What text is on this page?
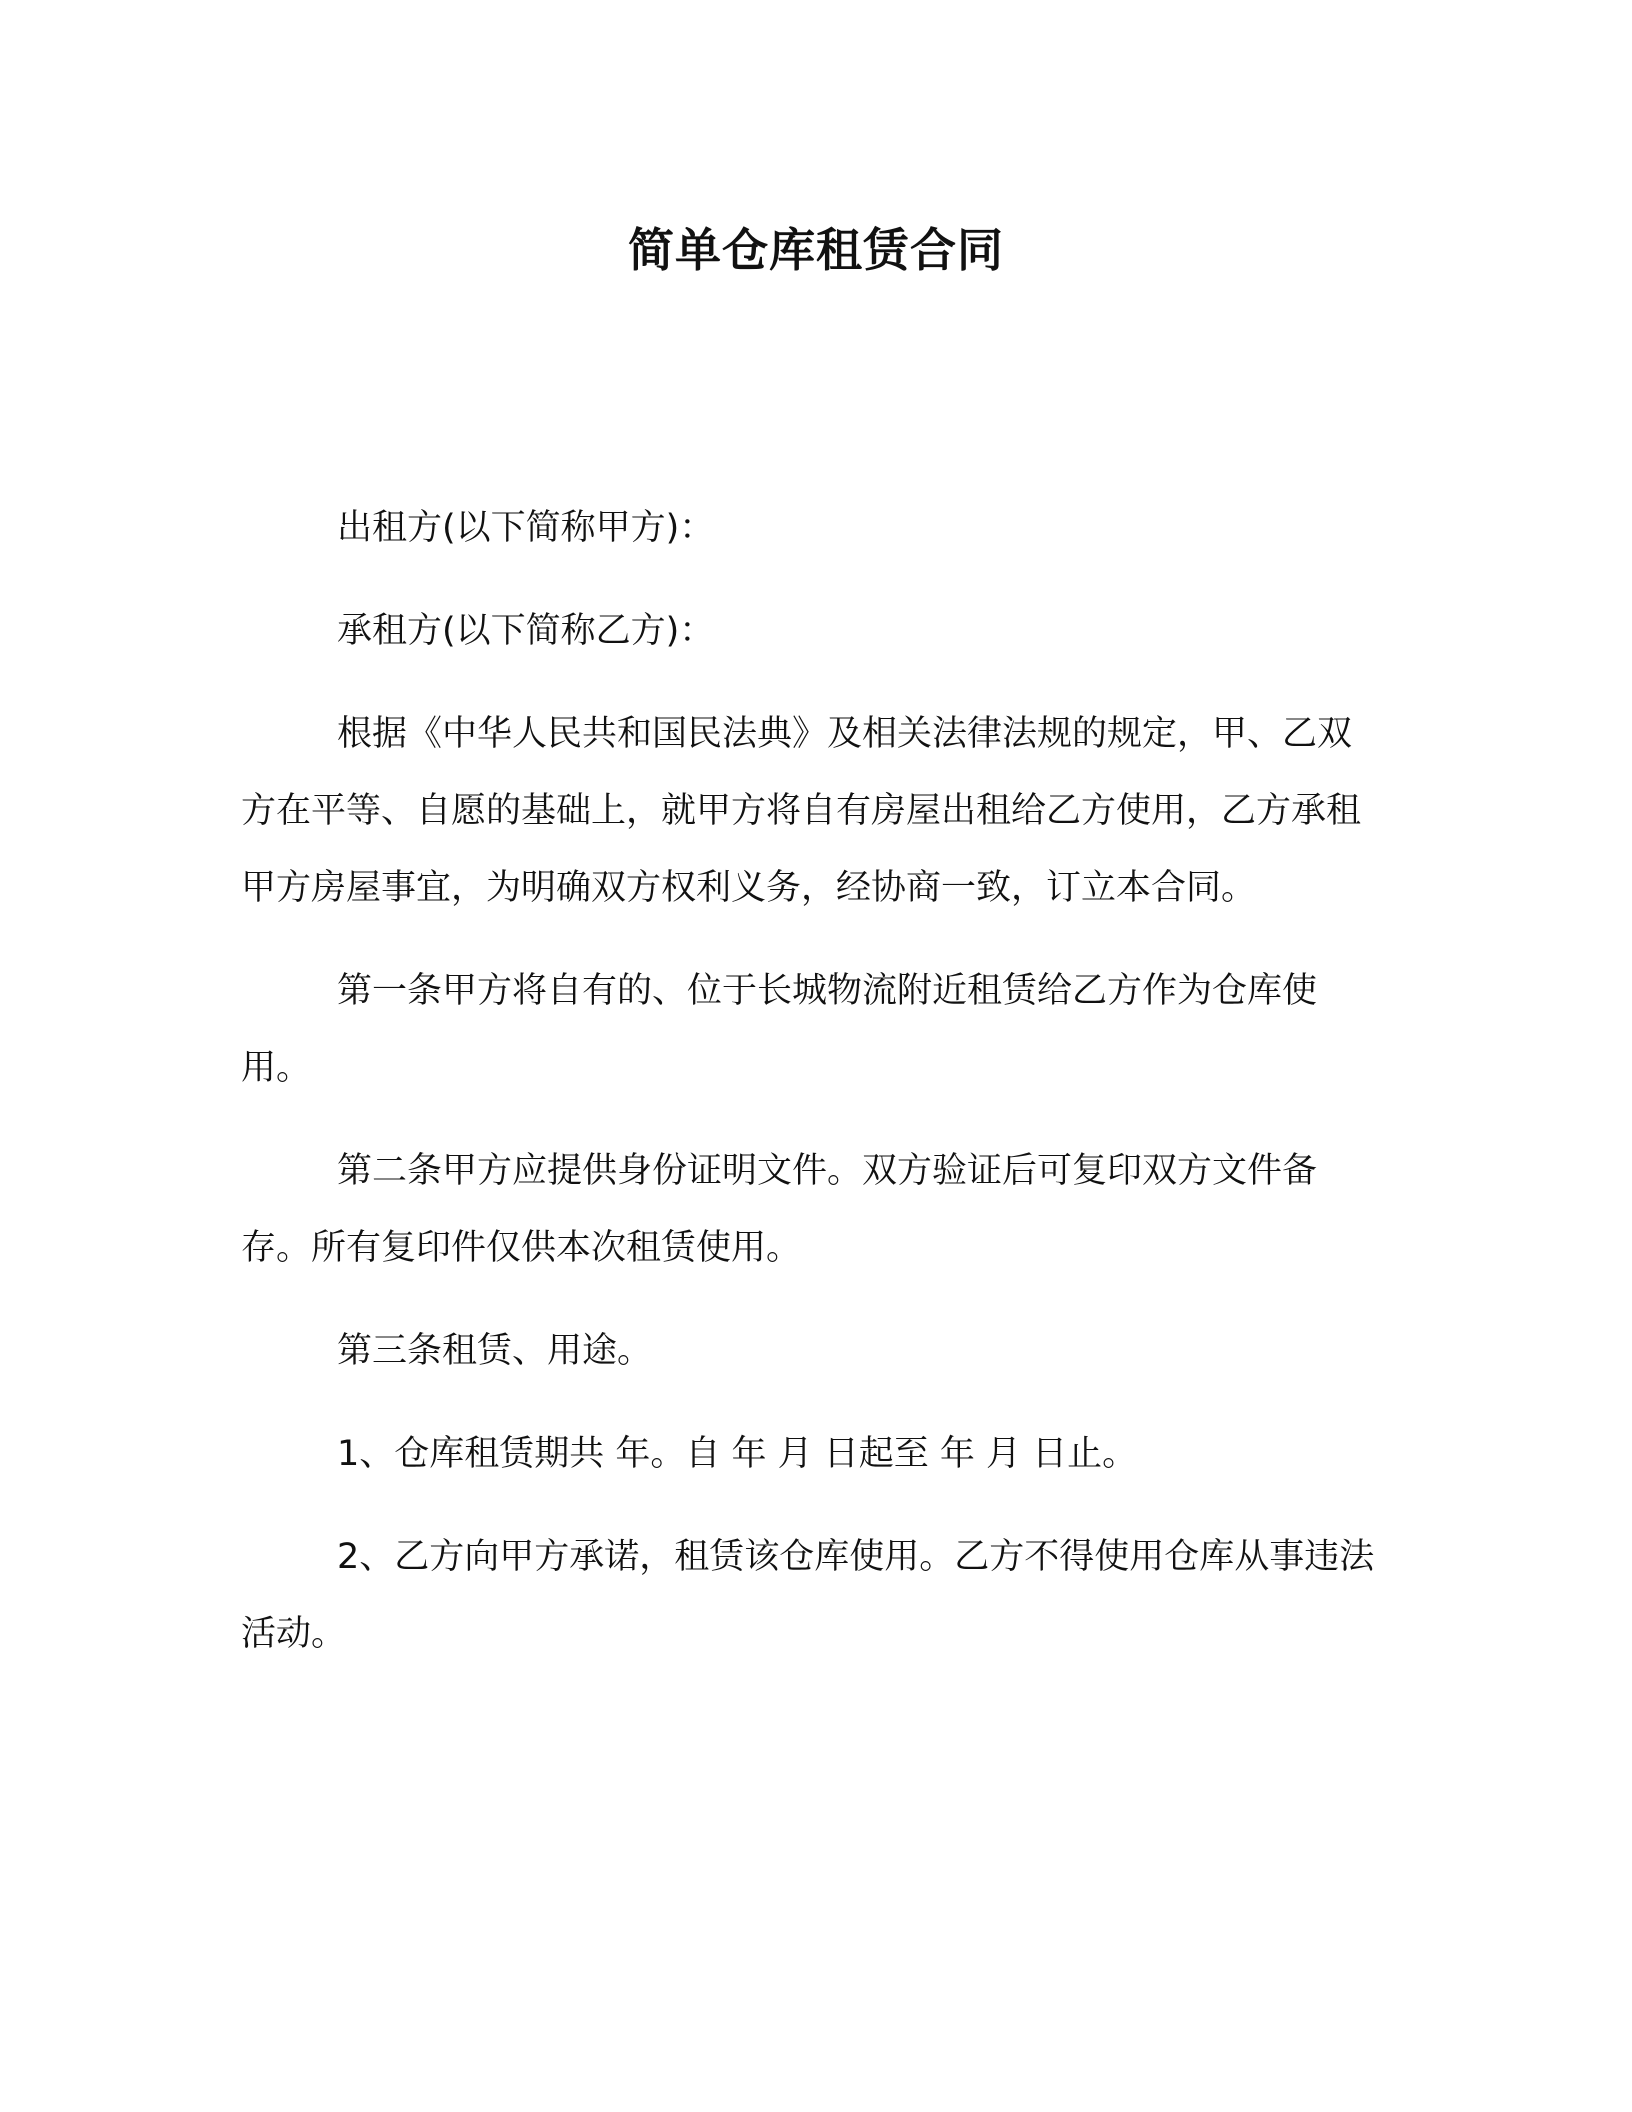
简单仓库租赁合同

出租方(以下简称甲方)：

承租方(以下简称乙方)：

根据《中华人民共和国民法典》及相关法律法规的规定，甲、乙双方在平等、自愿的基础上，就甲方将自有房屋出租给乙方使用，乙方承租甲方房屋事宜，为明确双方权利义务，经协商一致，订立本合同。

第一条甲方将自有的、位于长城物流附近租赁给乙方作为仓库使用。

第二条甲方应提供身份证明文件。双方验证后可复印双方文件备存。所有复印件仅供本次租赁使用。

第三条租赁、用途。

1、仓库租赁期共 年。自 年 月 日起至 年 月 日止。

2、乙方向甲方承诺，租赁该仓库使用。乙方不得使用仓库从事违法活动。
